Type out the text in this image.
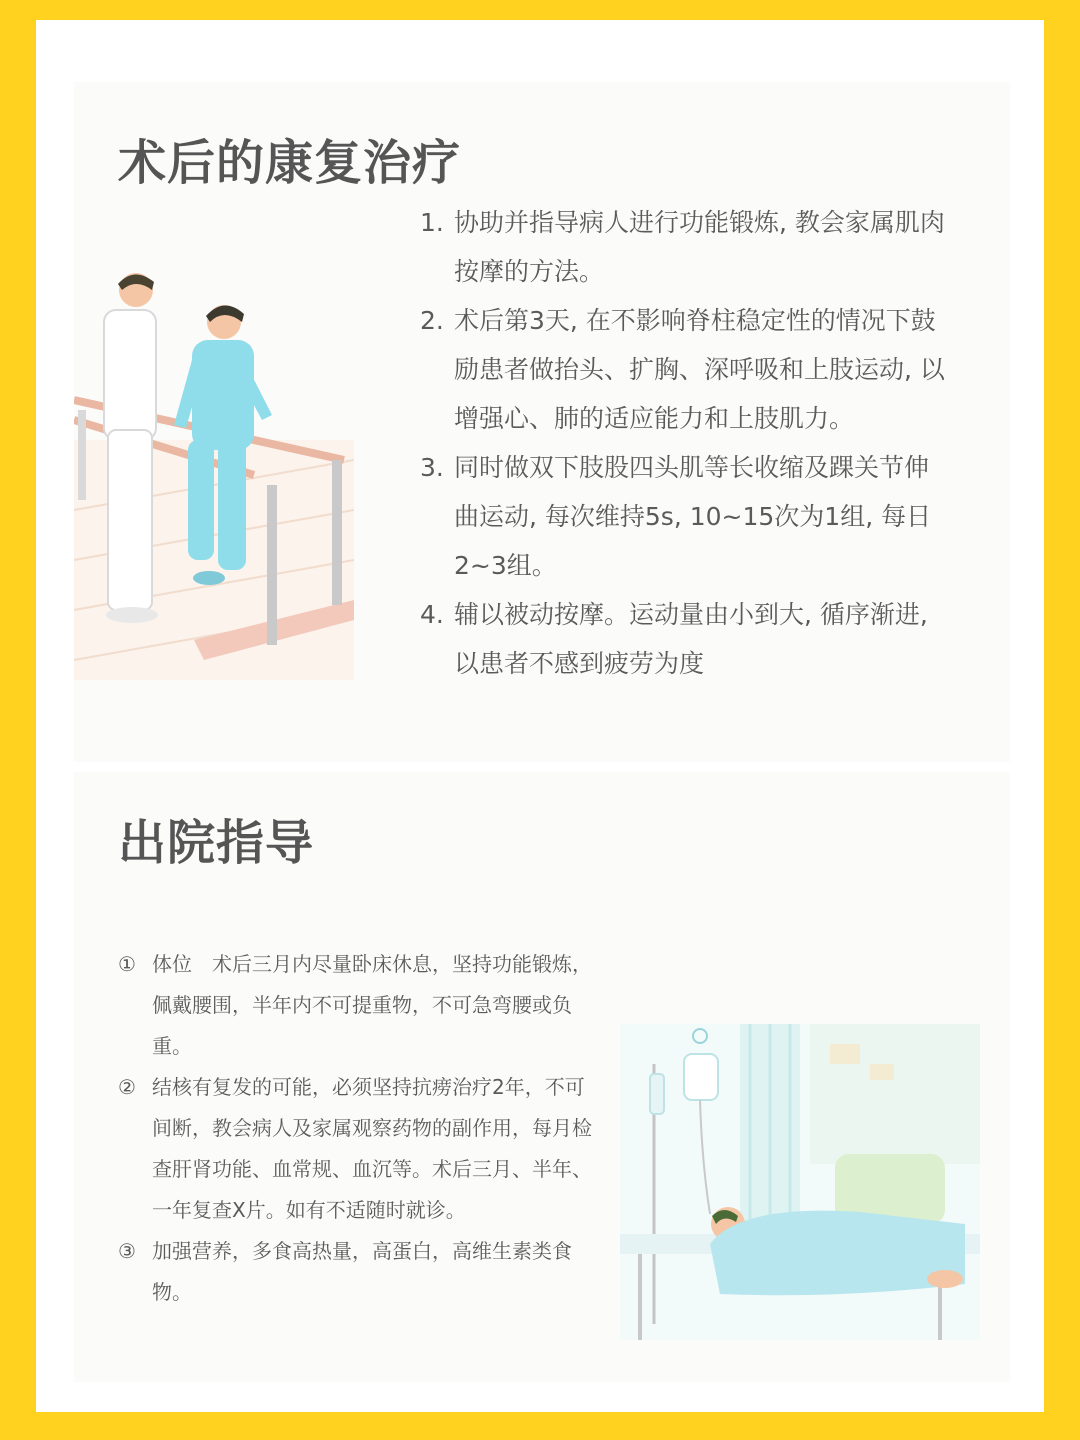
术后的康复治疗
1. 协助并指导病人进行功能锻炼, 教会家属肌肉按摩的方法。
2. 术后第3天, 在不影响脊柱稳定性的情况下鼓励患者做抬头、扩胸、深呼吸和上肢运动, 以增强心、肺的适应能力和上肢肌力。
3. 同时做双下肢股四头肌等长收缩及踝关节伸曲运动, 每次维持5s, 10~15次为1组, 每日2~3组。
4. 辅以被动按摩。运动量由小到大, 循序渐进, 以患者不感到疲劳为度
出院指导
① 体位　术后三月内尽量卧床休息，坚持功能锻炼，佩戴腰围，半年内不可提重物，不可急弯腰或负重。
② 结核有复发的可能，必须坚持抗痨治疗2年，不可间断，教会病人及家属观察药物的副作用，每月检查肝肾功能、血常规、血沉等。术后三月、半年、一年复查X片。如有不适随时就诊。
③ 加强营养，多食高热量，高蛋白，高维生素类食物。
